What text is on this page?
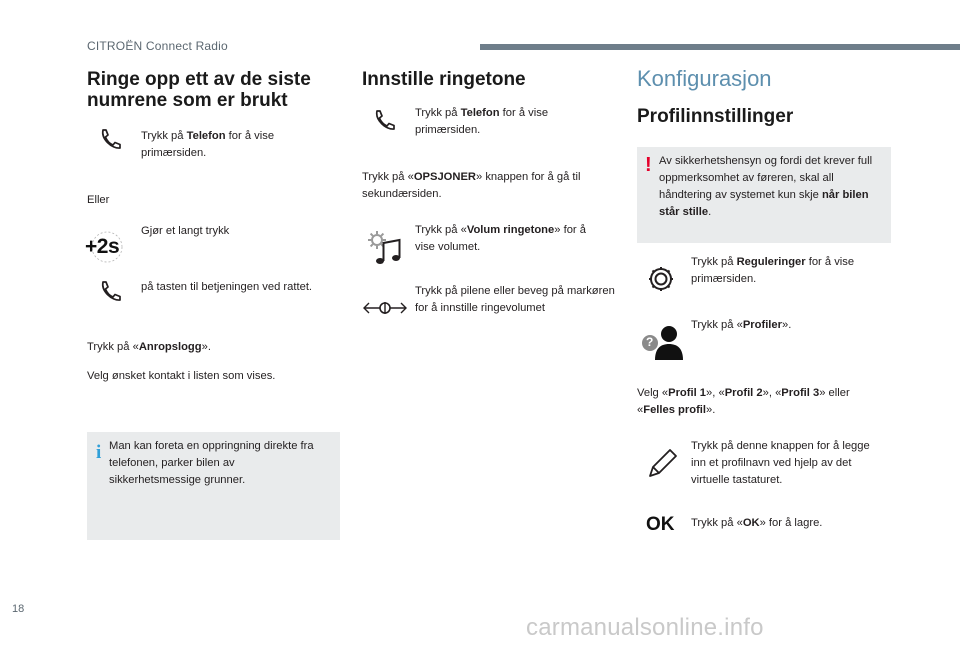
CITROËN Connect Radio
Ringe opp ett av de siste numrene som er brukt
Trykk på Telefon for å vise primærsiden.
Eller
Gjør et langt trykk
+2s
på tasten til betjeningen ved rattet.
Trykk på «Anropslogg».
Velg ønsket kontakt i listen som vises.
i Man kan foreta en oppringning direkte fra telefonen, parker bilen av sikkerhetsmessige grunner.
Innstille ringetone
Trykk på Telefon for å vise primærsiden.
Trykk på «OPSJONER» knappen for å gå til sekundærsiden.
Trykk på «Volum ringetone» for å vise volumet.
Trykk på pilene eller beveg på markøren for å innstille ringevolumet
Konfigurasjon
Profilinnstillinger
! Av sikkerhetshensyn og fordi det krever full oppmerksomhet av føreren, skal all håndtering av systemet kun skje når bilen står stille.
Trykk på Reguleringer for å vise primærsiden.
?
Trykk på «Profiler».
Velg «Profil 1», «Profil 2», «Profil 3» eller «Felles profil».
Trykk på denne knappen for å legge inn et profilnavn ved hjelp av det virtuelle tastaturet.
OK Trykk på «OK» for å lagre.
18
carmanualsonline.info
